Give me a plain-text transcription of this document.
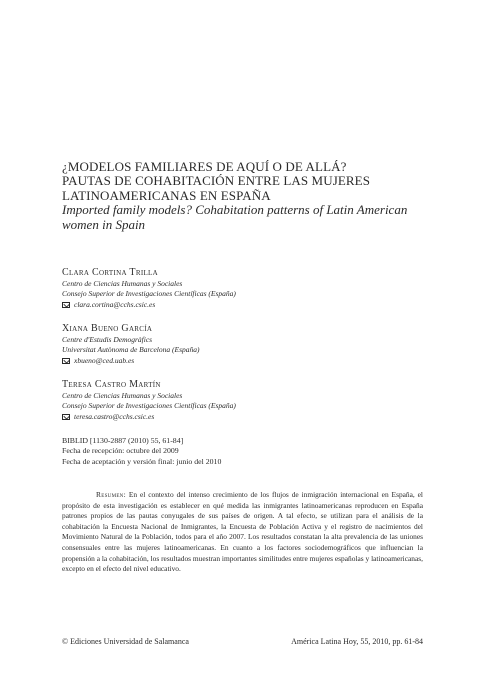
¿MODELOS FAMILIARES DE AQUÍ O DE ALLÁ?
PAUTAS DE COHABITACIÓN ENTRE LAS MUJERES
LATINOAMERICANAS EN ESPAÑA
Imported family models? Cohabitation patterns of Latin American
women in Spain
Clara Cortina Trilla
Centro de Ciencias Humanas y Sociales
Consejo Superior de Investigaciones Científicas (España)
clara.cortina@cchs.csic.es
Xiana Bueno García
Centre d'Estudis Demogràfics
Universitat Autònoma de Barcelona (España)
xbueno@ced.uab.es
Teresa Castro Martín
Centro de Ciencias Humanas y Sociales
Consejo Superior de Investigaciones Científicas (España)
teresa.castro@cchs.csic.es
BIBLID [1130-2887 (2010) 55, 61-84]
Fecha de recepción: octubre del 2009
Fecha de aceptación y versión final: junio del 2010
Resumen: En el contexto del intenso crecimiento de los flujos de inmigración internacional en España, el propósito de esta investigación es establecer en qué medida las inmigrantes latinoamericanas reproducen en España patrones propios de las pautas conyugales de sus países de origen. A tal efecto, se utilizan para el análisis de la cohabitación la Encuesta Nacional de Inmigrantes, la Encuesta de Población Activa y el registro de nacimientos del Movimiento Natural de la Población, todos para el año 2007. Los resultados constatan la alta prevalencia de las uniones consensuales entre las mujeres latinoamericanas. En cuanto a los factores sociodemográficos que influencian la propensión a la cohabitación, los resultados muestran importantes similitudes entre mujeres españolas y latinoamericanas, excepto en el efecto del nivel educativo.
© Ediciones Universidad de Salamanca	América Latina Hoy, 55, 2010, pp. 61-84
